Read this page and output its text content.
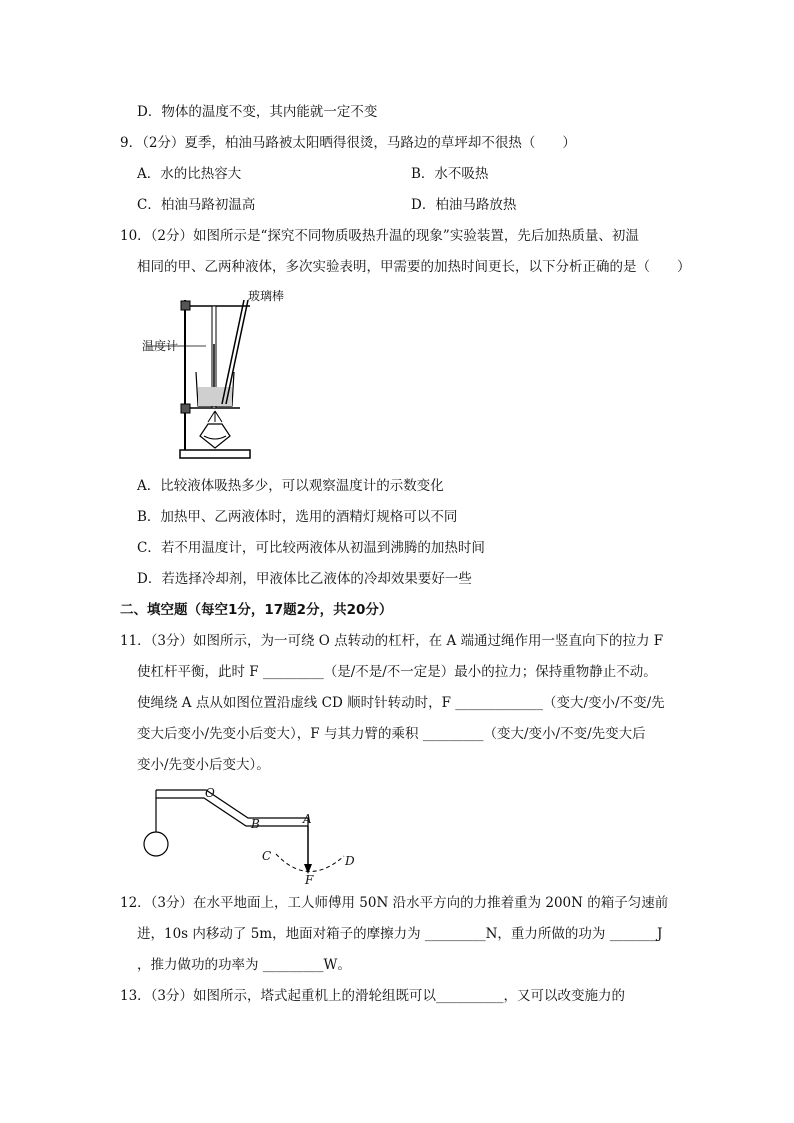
D．物体的温度不变，其内能就一定不变
9．（2分）夏季，柏油马路被太阳晒得很烫，马路边的草坪却不很热（　　）
A．水的比热容大	B．水不吸热
C．柏油马路初温高	D．柏油马路放热
10．（2分）如图所示是“探究不同物质吸热升温的现象”实验装置，先后加热质量、初温
相同的甲、乙两种液体，多次实验表明，甲需要的加热时间更长，以下分析正确的是（　　）
玻璃棒
温度计
A．比较液体吸热多少，可以观察温度计的示数变化
B．加热甲、乙两液体时，选用的酒精灯规格可以不同
C．若不用温度计，可比较两液体从初温到沸腾的加热时间
D．若选择冷却剂，甲液体比乙液体的冷却效果要好一些
二、填空题（每空1分，17题2分，共20分）
11．（3分）如图所示，为一可绕 O 点转动的杠杆，在 A 端通过绳作用一竖直向下的拉力 F
使杠杆平衡，此时 F _________（是/不是/不一定是）最小的拉力；保持重物静止不动。
使绳绕 A 点从如图位置沿虚线 CD 顺时针转动时，F _____________（变大/变小/不变/先
变大后变小/先变小后变大），F 与其力臂的乘积 _________（变大/变小/不变/先变大后
变小/先变小后变大）。
O
A
B
C	D
F
12．（3分）在水平地面上，工人师傅用 50N 沿水平方向的力推着重为 200N 的箱子匀速前
进，10s 内移动了 5m，地面对箱子的摩擦力为 _________N，重力所做的功为 _______J
，推力做功的功率为 _________W。
13．（3分）如图所示，塔式起重机上的滑轮组既可以__________，又可以改变施力的
